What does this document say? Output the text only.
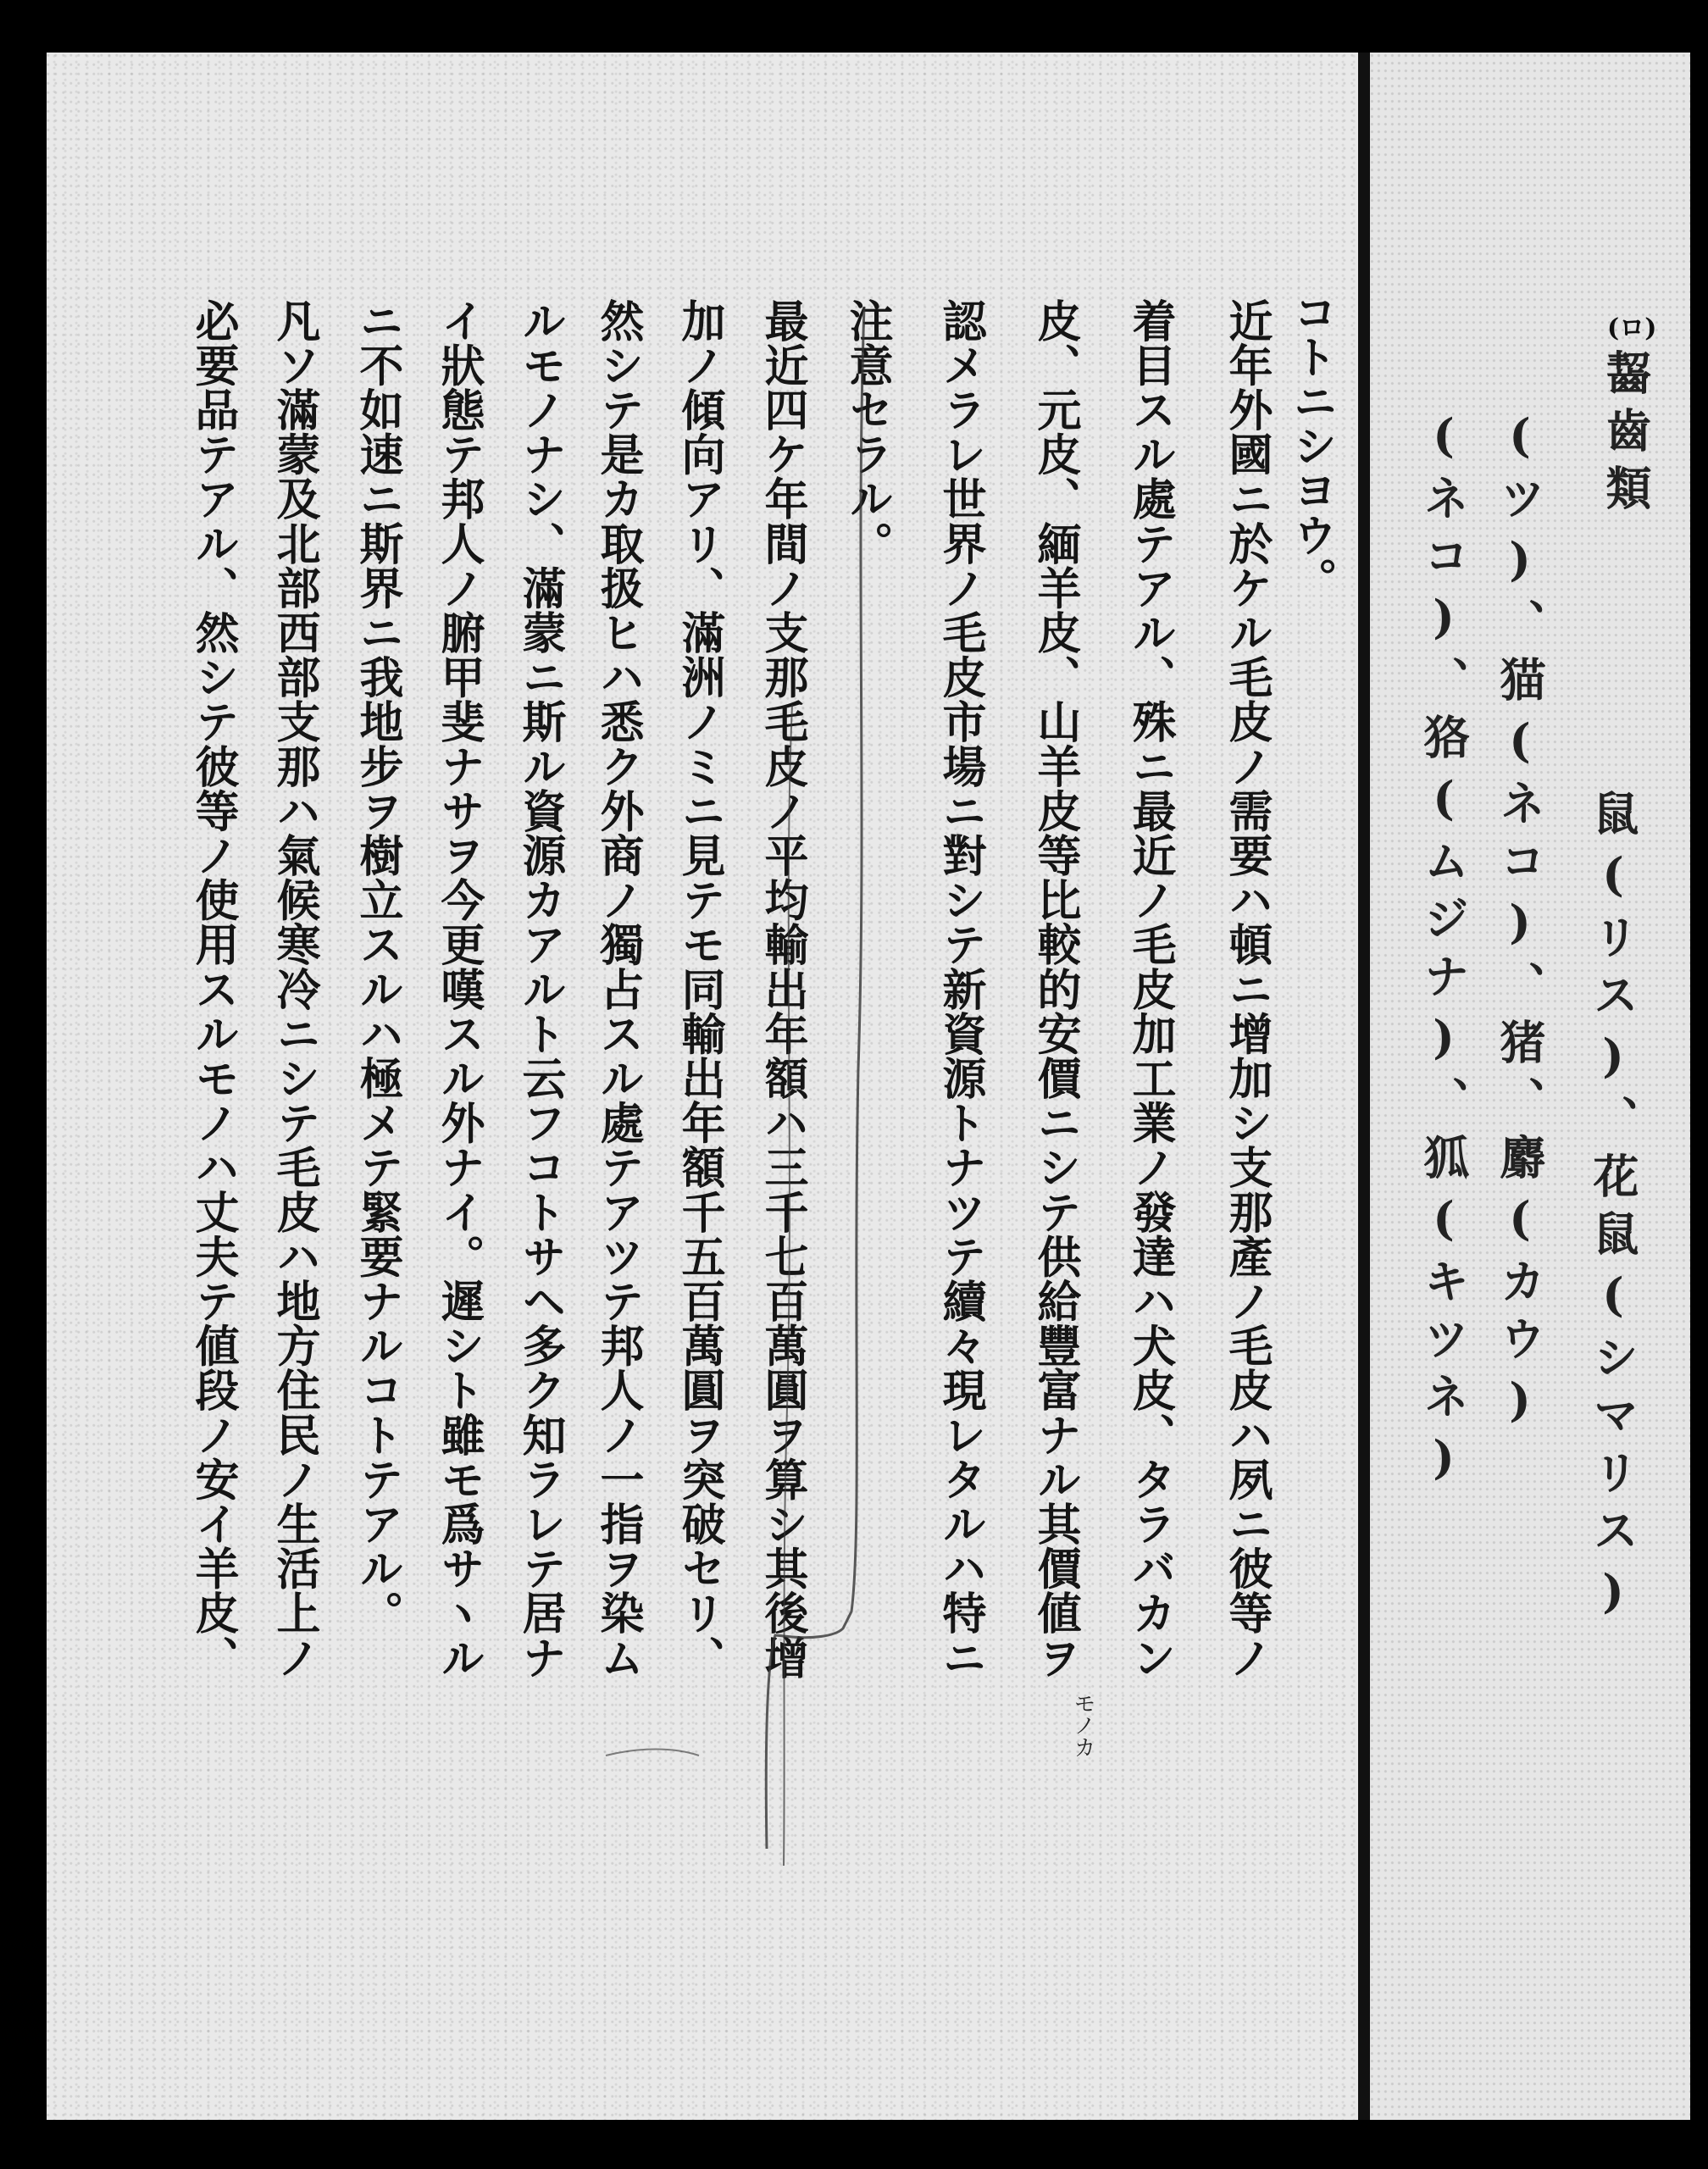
コトニシヨウ。
近年外國ニ於ケル毛皮ノ需要ハ頓ニ增加シ支那產ノ毛皮ハ夙ニ彼等ノ
着目スル處テアル、殊ニ最近ノ毛皮加工業ノ發達ハ犬皮、タラバカン
皮、元皮、緬羊皮、山羊皮等比較的安價ニシテ供給豐富ナル其價値ヲ
認メラレ世界ノ毛皮市場ニ對シテ新資源トナツテ續々現レタルハ特ニ
注意セラル。
最近四ケ年間ノ支那毛皮ノ平均輸出年額ハ三千七百萬圓ヲ算シ其後增
加ノ傾向アリ、滿洲ノミニ見テモ同輸出年額千五百萬圓ヲ突破セリ、
然シテ是カ取扱ヒハ悉ク外商ノ獨占スル處テアツテ邦人ノ一指ヲ染ム
ルモノナシ、滿蒙ニ斯ル資源カアルト云フコトサヘ多ク知ラレテ居ナ
イ狀態テ邦人ノ腑甲斐ナサヲ今更嘆スル外ナイ。遲シト雖モ爲サヽル
ニ不如速ニ斯界ニ我地步ヲ樹立スルハ極メテ緊要ナルコトテアル。
凡ソ滿蒙及北部西部支那ハ氣候寒冷ニシテ毛皮ハ地方住民ノ生活上ノ
必要品テアル、然シテ彼等ノ使用スルモノハ丈夫テ値段ノ安イ羊皮、
モノカ
(ロ)
齧齒類
鼠(リス)、花鼠(シマリス)
(ツ)、猫(ネコ)、猪、麝(カウ)
(ネコ)、狢(ムジナ)、狐(キツネ)
